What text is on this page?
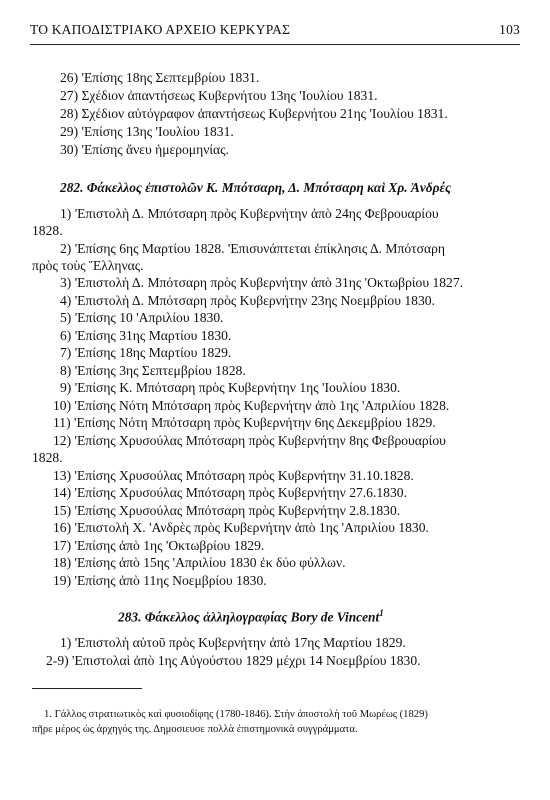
ΤΟ ΚΑΠΟΔΙΣΤΡΙΑΚΟ ΑΡΧΕΙΟ ΚΕΡΚΥΡΑΣ	103
26) 'Επίσης 18ης Σεπτεμβρίου 1831.
27) Σχέδιον ἀπαντήσεως Κυβερνήτου 13ης 'Ιουλίου 1831.
28) Σχέδιον αὐτόγραφον ἀπαντήσεως Κυβερνήτου 21ης 'Ιουλίου 1831.
29) 'Επίσης 13ης 'Ιουλίου 1831.
30) 'Επίσης ἄνευ ἡμερομηνίας.
282. Φάκελλος ἐπιστολῶν Κ. Μπότσαρη, Δ. Μπότσαρη καὶ Χρ. Ἀνδρές
1) 'Επιστολὴ Δ. Μπότσαρη πρὸς Κυβερνήτην ἀπὸ 24ης Φεβρουαρίου
1828.
2) 'Επίσης 6ης Μαρτίου 1828. 'Επισυνάπτεται ἐπίκλησις Δ. Μπότσαρη
πρὸς τοὺς Ἕλληνας.
3) 'Επιστολὴ Δ. Μπότσαρη πρὸς Κυβερνήτην ἀπὸ 31ης 'Οκτωβρίου 1827.
4) 'Επιστολὴ Δ. Μπότσαρη πρὸς Κυβερνήτην 23ης Νοεμβρίου 1830.
5) 'Επίσης 10 'Απριλίου 1830.
6) 'Επίσης 31ης Μαρτίου 1830.
7) 'Επίσης 18ης Μαρτίου 1829.
8) 'Επίσης 3ης Σεπτεμβρίου 1828.
9) 'Επίσης Κ. Μπότσαρη πρὸς Κυβερνήτην 1ης 'Ιουλίου 1830.
10) 'Επίσης Νότη Μπότσαρη πρὸς Κυβερνήτην ἀπὸ 1ης 'Απριλίου 1828.
11) 'Επίσης Νότη Μπότσαρη πρὸς Κυβερνήτην 6ης Δεκεμβρίου 1829.
12) 'Επίσης Χρυσούλας Μπότσαρη πρὸς Κυβερνήτην 8ης Φεβρουαρίου
1828.
13) 'Επίσης Χρυσούλας Μπότσαρη πρὸς Κυβερνήτην 31.10.1828.
14) 'Επίσης Χρυσούλας Μπότσαρη πρὸς Κυβερνήτην 27.6.1830.
15) 'Επίσης Χρυσούλας Μπότσαρη πρὸς Κυβερνήτην 2.8.1830.
16) 'Επιστολὴ Χ. 'Ανδρὲς πρὸς Κυβερνήτην ἀπὸ 1ης 'Απριλίου 1830.
17) 'Επίσης ἀπὸ 1ης 'Οκτωβρίου 1829.
18) 'Επίσης ἀπὸ 15ης 'Απριλίου 1830 ἐκ δύο φύλλων.
19) 'Επίσης ἀπὸ 11ης Νοεμβρίου 1830.
283. Φάκελλος ἀλληλογραφίας Bory de Vincent$^1$
1) 'Επιστολὴ αὐτοῦ πρὸς Κυβερνήτην ἀπὸ 17ης Μαρτίου 1829.
2-9) 'Επιστολαὶ ἀπὸ 1ης Αὐγούστου 1829 μέχρι 14 Νοεμβρίου 1830.
1. Γάλλος στρατιωτικὸς καὶ φυσιοδίφης (1780-1846). Στὴν ἀποστολὴ τοῦ Μωρέως (1829)
πῆρε μέρος ὡς ἀρχηγός της. Δημοσιευσε πολλὰ ἐπιστημονικὰ συγγράμματα.
